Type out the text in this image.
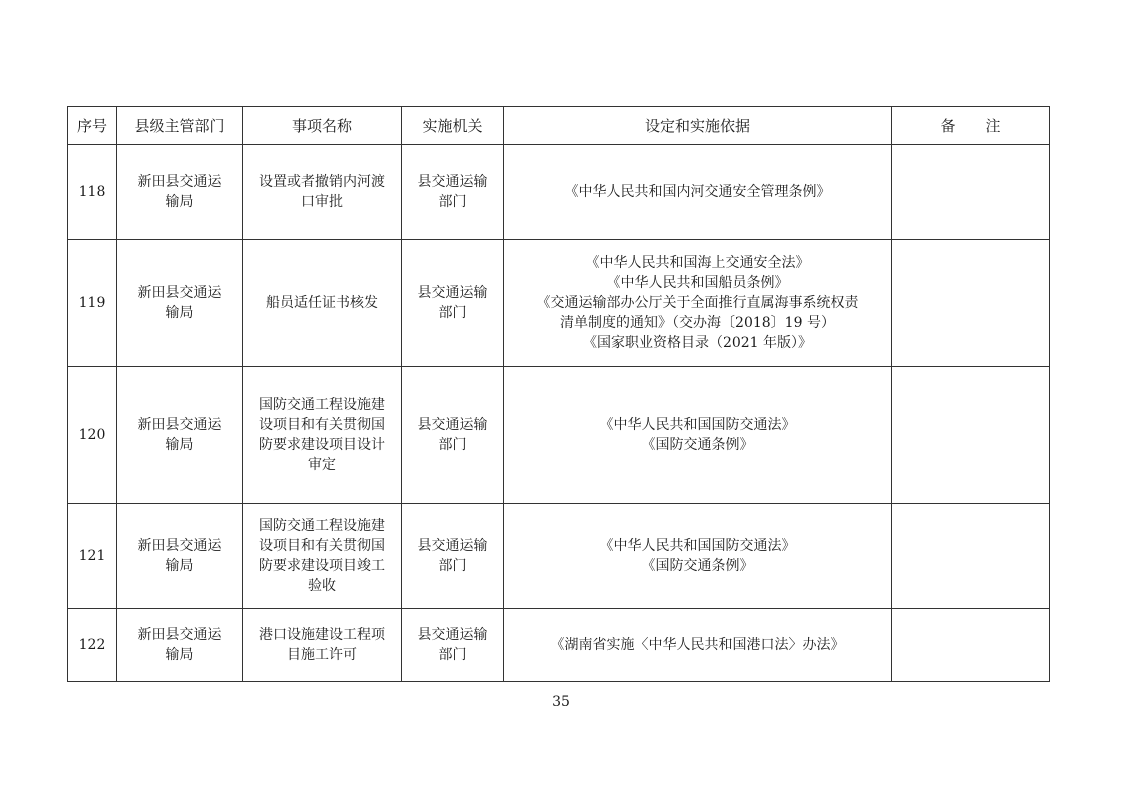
序号	县级主管部门	事项名称	实施机关	设定和实施依据	备　　注
118	新田县交通运
输局	设置或者撤销内河渡
口审批	县交通运输
部门	《中华人民共和国内河交通安全管理条例》	

119	新田县交通运
输局	船员适任证书核发	县交通运输
部门	《中华人民共和国海上交通安全法》
《中华人民共和国船员条例》
《交通运输部办公厅关于全面推行直属海事系统权责
清单制度的通知》（交办海〔2018〕19 号）
《国家职业资格目录（2021 年版）》	

120	新田县交通运
输局	国防交通工程设施建
设项目和有关贯彻国
防要求建设项目设计
审定	县交通运输
部门	《中华人民共和国国防交通法》
《国防交通条例》	

121	新田县交通运
输局	国防交通工程设施建
设项目和有关贯彻国
防要求建设项目竣工
验收	县交通运输
部门	《中华人民共和国国防交通法》
《国防交通条例》	

122	新田县交通运
输局	港口设施建设工程项
目施工许可	县交通运输
部门	《湖南省实施〈中华人民共和国港口法〉办法》	

35
